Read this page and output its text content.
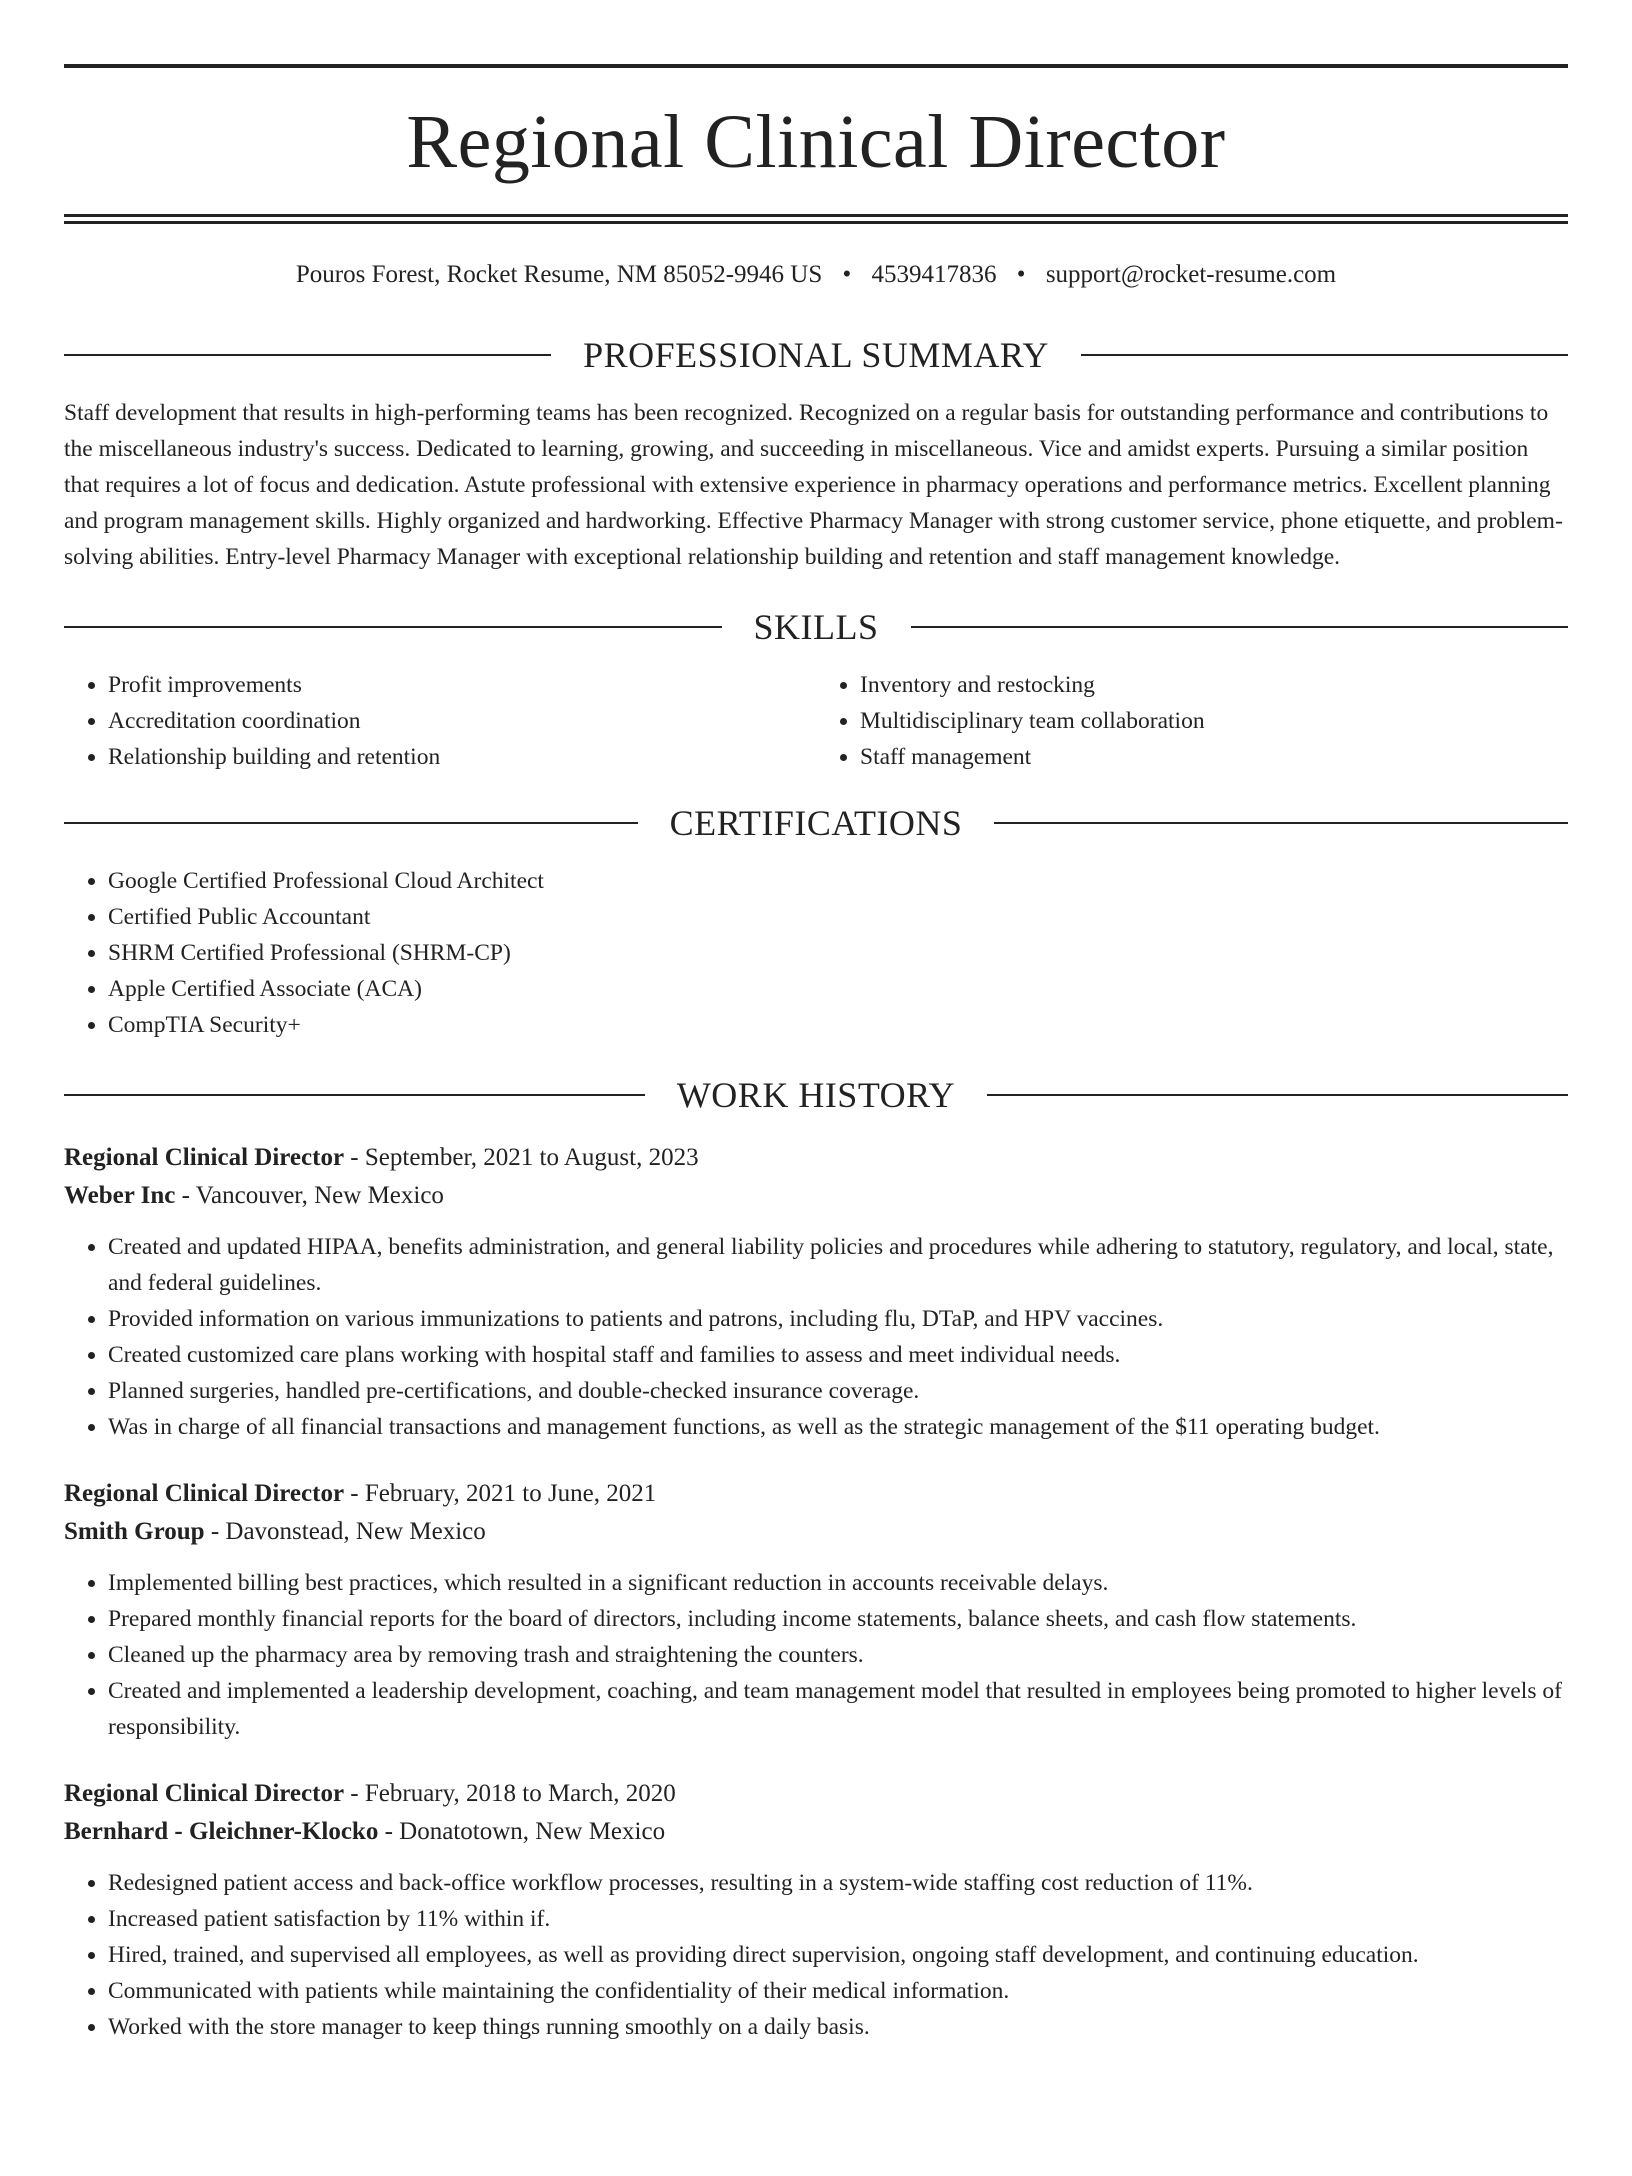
Regional Clinical Director
Pouros Forest, Rocket Resume, NM 85052-9946 US • 4539417836 • support@rocket-resume.com
PROFESSIONAL SUMMARY
Staff development that results in high-performing teams has been recognized. Recognized on a regular basis for outstanding performance and contributions to the miscellaneous industry's success. Dedicated to learning, growing, and succeeding in miscellaneous. Vice and amidst experts. Pursuing a similar position that requires a lot of focus and dedication. Astute professional with extensive experience in pharmacy operations and performance metrics. Excellent planning and program management skills. Highly organized and hardworking. Effective Pharmacy Manager with strong customer service, phone etiquette, and problem-solving abilities. Entry-level Pharmacy Manager with exceptional relationship building and retention and staff management knowledge.
SKILLS
• Profit improvements
• Accreditation coordination
• Relationship building and retention
• Inventory and restocking
• Multidisciplinary team collaboration
• Staff management
CERTIFICATIONS
• Google Certified Professional Cloud Architect
• Certified Public Accountant
• SHRM Certified Professional (SHRM-CP)
• Apple Certified Associate (ACA)
• CompTIA Security+
WORK HISTORY
Regional Clinical Director - September, 2021 to August, 2023
Weber Inc - Vancouver, New Mexico
• Created and updated HIPAA, benefits administration, and general liability policies and procedures while adhering to statutory, regulatory, and local, state, and federal guidelines.
• Provided information on various immunizations to patients and patrons, including flu, DTaP, and HPV vaccines.
• Created customized care plans working with hospital staff and families to assess and meet individual needs.
• Planned surgeries, handled pre-certifications, and double-checked insurance coverage.
• Was in charge of all financial transactions and management functions, as well as the strategic management of the $11 operating budget.
Regional Clinical Director - February, 2021 to June, 2021
Smith Group - Davonstead, New Mexico
• Implemented billing best practices, which resulted in a significant reduction in accounts receivable delays.
• Prepared monthly financial reports for the board of directors, including income statements, balance sheets, and cash flow statements.
• Cleaned up the pharmacy area by removing trash and straightening the counters.
• Created and implemented a leadership development, coaching, and team management model that resulted in employees being promoted to higher levels of responsibility.
Regional Clinical Director - February, 2018 to March, 2020
Bernhard - Gleichner-Klocko - Donatotown, New Mexico
• Redesigned patient access and back-office workflow processes, resulting in a system-wide staffing cost reduction of 11%.
• Increased patient satisfaction by 11% within if.
• Hired, trained, and supervised all employees, as well as providing direct supervision, ongoing staff development, and continuing education.
• Communicated with patients while maintaining the confidentiality of their medical information.
• Worked with the store manager to keep things running smoothly on a daily basis.
